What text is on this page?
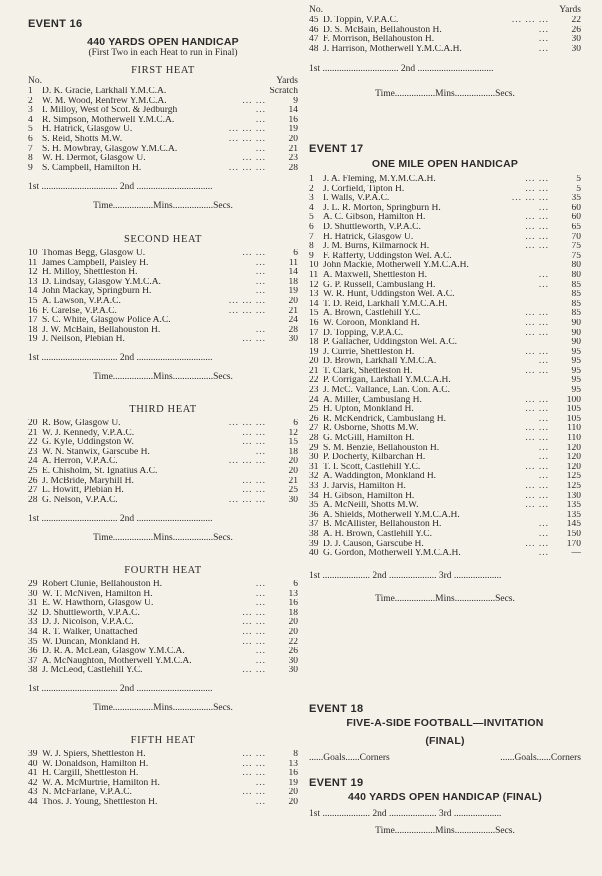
EVENT 16

440 YARDS OPEN HANDICAP

(First Two in each Heat to run in Final)

FIRST HEAT

No.	Yards
1 D. K. Gracie, Larkhall Y.M.C.A.	Scratch
2 W. M. Wood, Renfrew Y.M.C.A.	... ...	9
3 I. Milloy, West of Scot. & Jedburgh	...	14
4 R. Simpson, Motherwell Y.M.C.A.	...	16
5 H. Hatrick, Glasgow U.	... ... ...	19
6 S. Reid, Shotts M.W.	... ... ...	20
7 S. H. Mowbray, Glasgow Y.M.C.A.	...	21
8 W. H. Dermot, Glasgow U.	... ...	23
9 S. Campbell, Hamilton H.	... ... ...	28
1st ................................ 2nd ................................
Time.................Mins.................Secs.

SECOND HEAT

10 Thomas Begg, Glasgow U.	... ...	6
11 James Campbell, Paisley H.	...	11
12 H. Milloy, Shettleston H.	...	14
13 D. Lindsay, Glasgow Y.M.C.A.	...	18
14 John Mackay, Springburn H.	...	19
15 A. Lawson, V.P.A.C.	... ... ...	20
16 F. Carelse, V.P.A.C.	... ... ...	21
17 S. C. White, Glasgow Police A.C.	24
18 J. W. McBain, Bellahouston H.	...	28
19 J. Neilson, Plebian H.	... ...	30
1st ................................ 2nd ................................
Time.................Mins.................Secs.

THIRD HEAT

20 R. Bow, Glasgow U.	... ... ...	6
21 W. J. Kennedy, V.P.A.C.	... ...	12
22 G. Kyle, Uddingston W.	... ...	15
23 W. N. Stanwix, Garscube H.	...	18
24 A. Herron, V.P.A.C.	... ... ...	20
25 E. Chisholm, St. Ignatius A.C.	20
26 J. McBride, Maryhill H.	... ...	21
27 L. Howitt, Plebian H.	... ...	25
28 G. Nelson, V.P.A.C.	... ... ...	30
1st ................................ 2nd ................................
Time.................Mins.................Secs.

FOURTH HEAT

29 Robert Clunie, Bellahouston H.	...	6
30 W. T. McNiven, Hamilton H.	...	13
31 E. W. Hawthorn, Glasgow U.	...	16
32 D. Shuttleworth, V.P.A.C.	... ...	18
33 D. J. Nicolson, V.P.A.C.	... ...	20
34 R. T. Walker, Unattached	... ...	20
35 W. Duncan, Monkland H.	... ...	22
36 D. R. A. McLean, Glasgow Y.M.C.A.	...	26
37 A. McNaughton, Motherwell Y.M.C.A.	...	30
38 J. McLeod, Castlehill Y.C.	... ...	30
1st ................................ 2nd ................................
Time.................Mins.................Secs.

FIFTH HEAT

39 W. J. Spiers, Shettleston H.	... ...	8
40 W. Donaldson, Hamilton H.	... ...	13
41 H. Cargill, Shettleston H.	... ...	16
42 W. A. McMurtrie, Hamilton H.	...	19
43 N. McFarlane, V.P.A.C.	... ...	20
44 Thos. J. Young, Shettleston H.	...	20
No.	Yards
45 D. Toppin, V.P.A.C.	... ... ...	22
46 D. S. McBain, Bellahouston H.	...	26
47 F. Morrison, Bellahouston H.	...	30
48 J. Harrison, Motherwell Y.M.C.A.H.	...	30
1st ................................ 2nd ................................
Time.................Mins.................Secs.

EVENT 17

ONE MILE OPEN HANDICAP

1 J. A. Fleming, M.Y.M.C.A.H.	... ...	5
2 J. Corfield, Tipton H.	... ...	5
3 I. Walls, V.P.A.C.	... ... ...	35
4 J. L. R. Morton, Springburn H.	...	60
5 A. C. Gibson, Hamilton H.	... ...	60
6 D. Shuttleworth, V.P.A.C.	... ...	65
7 H. Hatrick, Glasgow U.	... ...	70
8 J. M. Burns, Kilmarnock H.	... ...	75
9 F. Rafferty, Uddingston Wel. A.C.	75
10 John Mackie, Motherwell Y.M.C.A.H.	80
11 A. Maxwell, Shettleston H.	...	80
12 G. P. Russell, Cambuslang H.	...	85
13 W. R. Hunt, Uddingston Wel. A.C.	85
14 T. D. Reid, Larkhall Y.M.C.A.H.	85
15 A. Brown, Castlehill Y.C.	... ...	85
16 W. Coroon, Monkland H.	... ...	90
17 D. Topping, V.P.A.C.	... ...	90
18 P. Gallacher, Uddingston Wel. A.C.	90
19 J. Currie, Shettleston H.	... ...	95
20 D. Brown, Larkhall Y.M.C.A.	...	95
21 T. Clark, Shettleston H.	... ...	95
22 P. Corrigan, Larkhall Y.M.C.A.H.	95
23 J. McC. Vallance, Lan. Con. A.C.	95
24 A. Miller, Cambuslang H.	... ...	100
25 H. Upton, Monkland H.	... ...	105
26 R. McKendrick, Cambuslang H.	...	105
27 R. Osborne, Shotts M.W.	... ...	110
28 G. McGill, Hamilton H.	... ...	110
29 S. M. Benzie, Bellahouston H.	...	120
30 P. Docherty, Kilbarchan H.	...	120
31 T. I. Scott, Castlehill Y.C.	... ...	120
32 A. Waddington, Monkland H.	...	125
33 J. Jarvis, Hamilton H.	... ...	125
34 H. Gibson, Hamilton H.	... ...	130
35 A. McNeill, Shotts M.W.	... ...	135
36 A. Shields, Motherwell Y.M.C.A.H.	135
37 B. McAllister, Bellahouston H.	...	145
38 A. H. Brown, Castlehill Y.C.	...	150
39 D. J. Causon, Garscube H.	... ...	170
40 G. Gordon, Motherwell Y.M.C.A.H.	...	—
1st .................... 2nd .................... 3rd ....................
Time.................Mins.................Secs.

EVENT 18

FIVE-A-SIDE FOOTBALL—INVITATION

(FINAL)

......Goals......Corners	......Goals......Corners

EVENT 19

440 YARDS OPEN HANDICAP (FINAL)

1st .................... 2nd .................... 3rd ....................
Time.................Mins.................Secs.
